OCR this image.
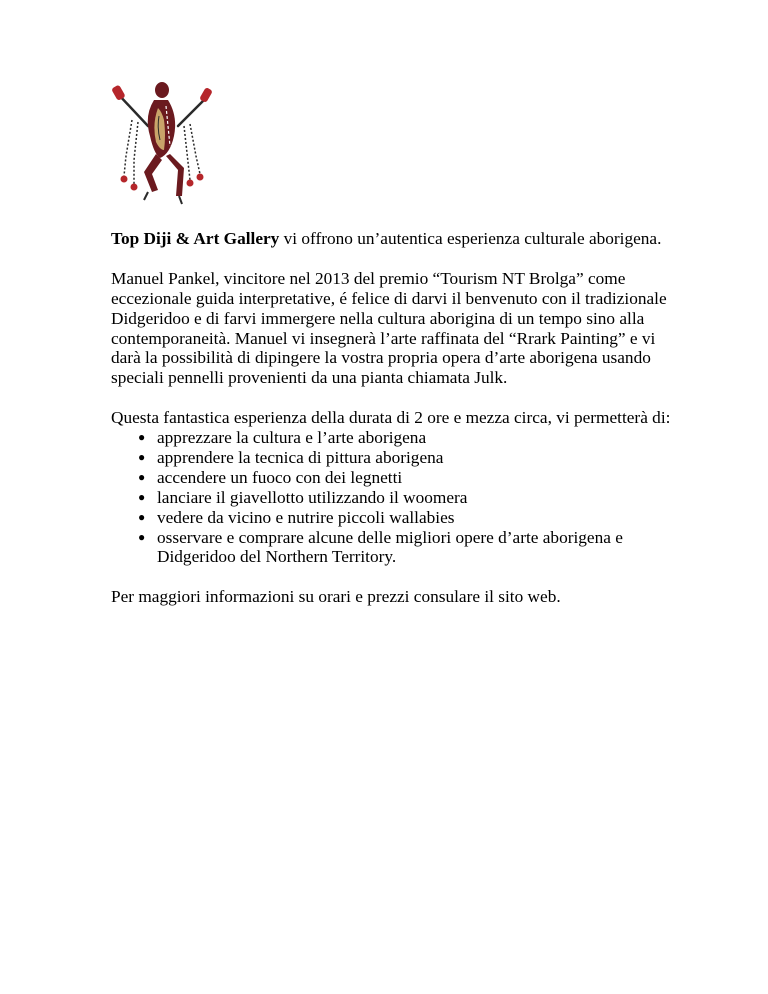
Top Diji & Art Gallery vi offrono un’autentica esperienza culturale aborigena.

Manuel Pankel, vincitore nel 2013 del premio “Tourism NT Brolga” come eccezionale guida interpretative, é felice di darvi il benvenuto con il tradizionale Didgeridoo e di farvi immergere nella cultura aborigina di un tempo sino alla contemporaneità. Manuel vi insegnerà l’arte raffinata del “Rrark Painting” e vi darà la possibilità di dipingere la vostra propria opera d’arte aborigena usando speciali pennelli provenienti da una pianta chiamata Julk.

Questa fantastica esperienza della durata di 2 ore e mezza circa, vi permetterà di:

● apprezzare la cultura e l’arte aborigena
● apprendere la tecnica di pittura aborigena
● accendere un fuoco con dei legnetti
● lanciare il giavellotto utilizzando il woomera
● vedere da vicino e nutrire piccoli wallabies
● osservare e comprare alcune delle migliori opere d’arte aborigena e Didgeridoo del Northern Territory.

Per maggiori informazioni su orari e prezzi consulare il sito web.
